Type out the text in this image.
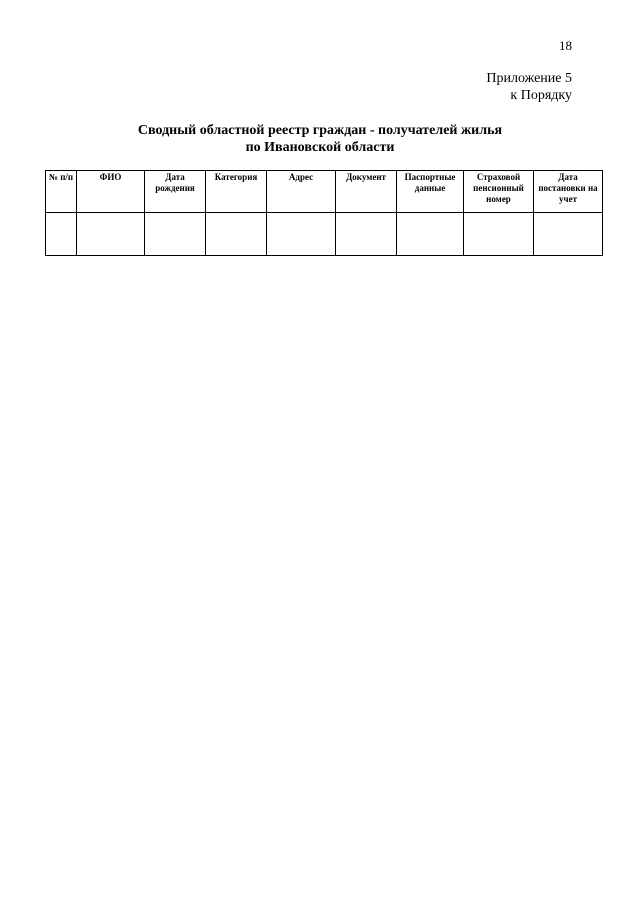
18
Приложение 5
к Порядку
Сводный областной реестр граждан - получателей жилья
по Ивановской области
№ п/п	ФИО	Дата рождения	Категория	Адрес	Документ	Паспортные данные	Страховой пенсионный номер	Дата постановки на учет
